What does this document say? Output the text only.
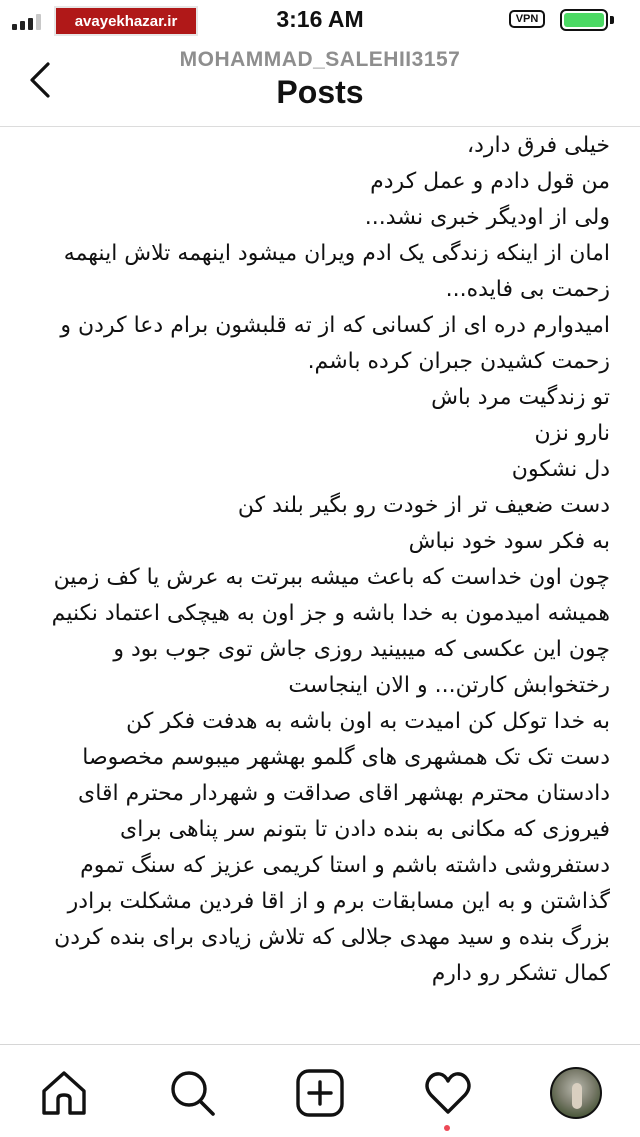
avayekhazar.ir	3:16 AM	VPN
MOHAMMAD_SALEHII3157
Posts

خیلی فرق دارد،

من قول دادم و عمل کردم

ولی از اودیگر خبری نشد...

امان از اینکه زندگی یک ادم ویران میشود اینهمه تلاش اینهمه زحمت بی فایده...

امیدوارم دره ای از کسانی که از ته قلبشون برام دعا کردن و زحمت کشیدن جبران کرده باشم.

تو زندگیت مرد باش

نارو نزن

دل نشکون

دست ضعیف تر از خودت رو بگیر بلند کن

به فکر سود خود نباش

چون اون خداست که باعث میشه ببرتت به عرش یا کف زمین

همیشه امیدمون به خدا باشه و جز اون به هیچکی اعتماد نکنیم

چون این عکسی که میبینید روزی جاش توی جوب بود و رختخوابش کارتن... و الان اینجاست

به خدا توکل کن امیدت به اون باشه به هدفت فکر کن

دست تک تک همشهری های گلمو بهشهر میبوسم مخصوصا دادستان محترم بهشهر اقای صداقت و شهردار محترم اقای فیروزی که مکانی به بنده دادن تا بتونم سر پناهی برای دستفروشی داشته باشم و استا کریمی عزیز که سنگ تموم گذاشتن و به این مسابقات برم و از اقا فردین مشکلت برادر بزرگ بنده و سید مهدی جلالی که تلاش زیادی برای بنده کردن کمال تشکر رو دارم
